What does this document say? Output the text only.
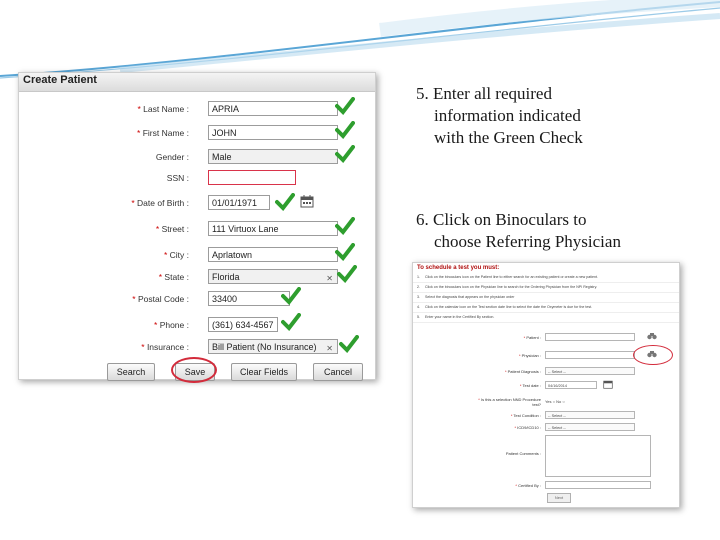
5. Enter all required
information indicated
with the Green Check
6. Click on Binoculars to
choose Referring Physician
Create Patient
* Last Name :	APRIA
* First Name :	JOHN
Gender :	Male
SSN :
* Date of Birth :	01/01/1971
* Street :	111 Virtuox Lane
* City :	Aprlatown
* State :	Florida	✕
* Postal Code :	33400
* Phone :	(361) 634-4567
* Insurance :	Bill Patient (No Insurance) ✕
Search	Save	Clear Fields	Cancel
To schedule a test you must:
1. Click on the binoculars icon on the Patient line to either search for an existing patient or create a new patient.
2. Click on the binoculars icon on the Physician line to search for the Ordering Physician from the NPI Registry.
3. Select the diagnosis that appears on the physician order
4. Click on the calendar icon on the Test section date line to select the date the Oxymeter is due for the test.
5. Enter your name in the Certified By section.
* Patient :
* Physician :
* Patient Diagnosis :	-- Select --
* Test date :	04/16/2014
* Is this a selection NND Procedure test?
Yes ○ No ○
* Test Condition :	-- Select --
* ICD9/ICD10 :	-- Select --
Patient Comments :
* Certified By :
Next
